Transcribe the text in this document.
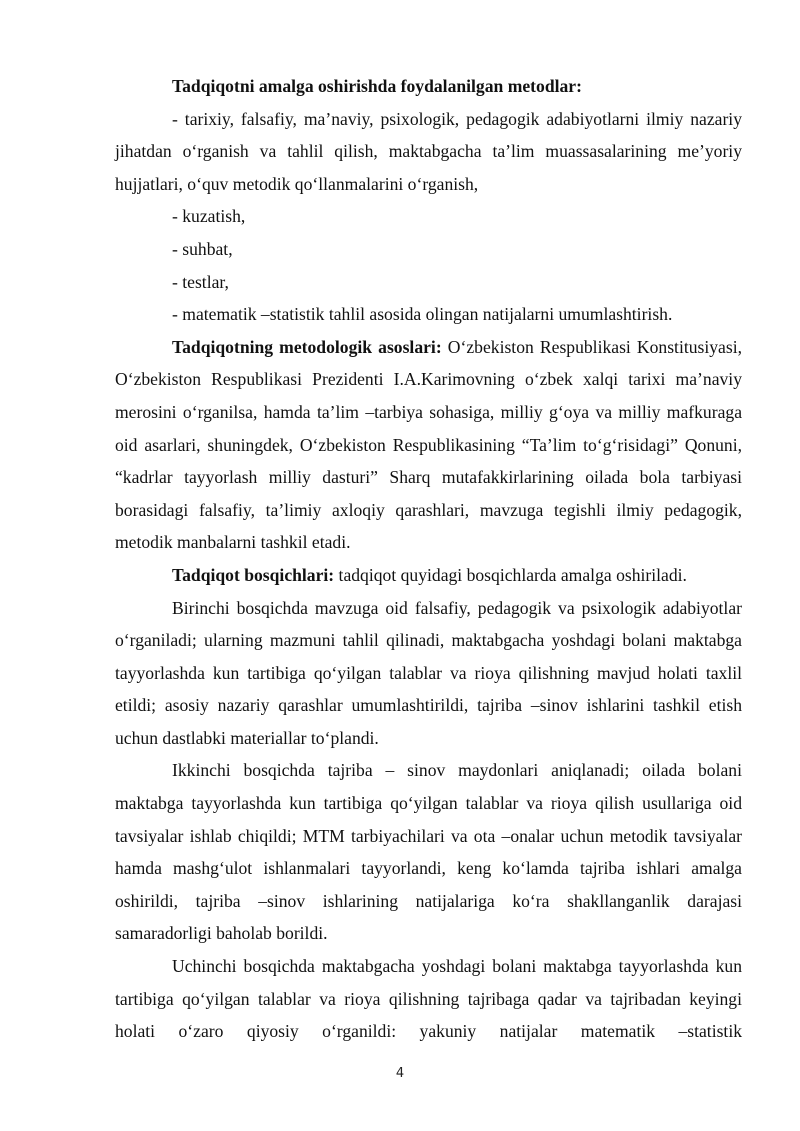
Tadqiqotni amalga oshirishda foydalanilgan metodlar:

- tarixiy, falsafiy, ma’naviy, psixologik, pedagogik adabiyotlarni ilmiy nazariy jihatdan o‘rganish va tahlil qilish, maktabgacha ta’lim muassasalarining me’yoriy hujjatlari, o‘quv metodik qo‘llanmalarini o‘rganish,

- kuzatish,

- suhbat,

- testlar,

- matematik –statistik tahlil asosida olingan natijalarni umumlashtirish.

Tadqiqotning metodologik asoslari: O‘zbekiston Respublikasi Konstitusiyasi, O‘zbekiston Respublikasi Prezidenti I.A.Karimovning o‘zbek xalqi tarixi ma’naviy merosini o‘rganilsa, hamda ta’lim –tarbiya sohasiga, milliy g‘oya va milliy mafkuraga oid asarlari, shuningdek, O‘zbekiston Respublikasining “Ta’lim to‘g‘risidagi” Qonuni, “kadrlar tayyorlash milliy dasturi” Sharq mutafakkirlarining oilada bola tarbiyasi borasidagi falsafiy, ta’limiy axloqiy qarashlari, mavzuga tegishli ilmiy pedagogik, metodik manbalarni tashkil etadi.

Tadqiqot bosqichlari: tadqiqot quyidagi bosqichlarda amalga oshiriladi.

Birinchi bosqichda mavzuga oid falsafiy, pedagogik va psixologik adabiyotlar o‘rganiladi; ularning mazmuni tahlil qilinadi, maktabgacha yoshdagi bolani maktabga tayyorlashda kun tartibiga qo‘yilgan talablar va rioya qilishning mavjud holati taxlil etildi; asosiy nazariy qarashlar umumlashtirildi, tajriba –sinov ishlarini tashkil etish uchun dastlabki materiallar to‘plandi.

Ikkinchi bosqichda tajriba – sinov maydonlari aniqlanadi; oilada bolani maktabga tayyorlashda kun tartibiga qo‘yilgan talablar va rioya qilish usullariga oid tavsiyalar ishlab chiqildi; MTM tarbiyachilari va ota –onalar uchun metodik tavsiyalar hamda mashg‘ulot ishlanmalari tayyorlandi, keng ko‘lamda tajriba ishlari amalga oshirildi, tajriba –sinov ishlarining natijalariga ko‘ra shakllanganlik darajasi samaradorligi baholab borildi.

Uchinchi bosqichda maktabgacha yoshdagi bolani maktabga tayyorlashda kun tartibiga qo‘yilgan talablar va rioya qilishning tajribaga qadar va tajribadan keyingi holati o‘zaro qiyosiy o‘rganildi: yakuniy natijalar matematik –statistik

4
